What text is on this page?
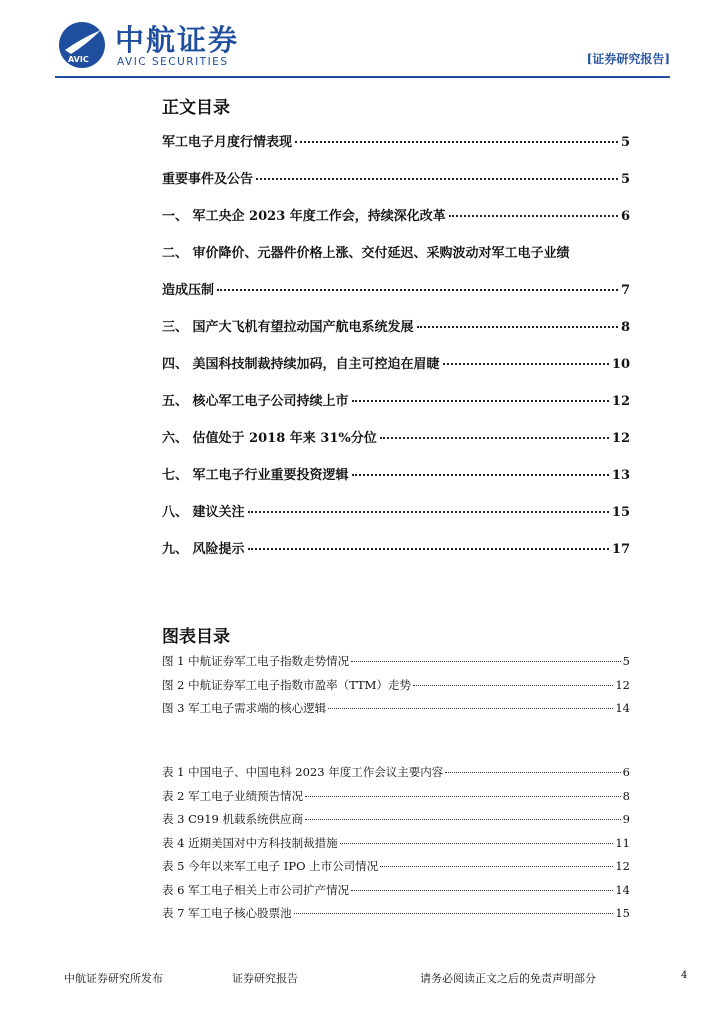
AVIC
中航证券
AVIC SECURITIES	[证券研究报告]
正文目录
军工电子月度行情表现	5
重要事件及公告	5
一、 军工央企 2023 年度工作会，持续深化改革	6
二、 审价降价、元器件价格上涨、交付延迟、采购波动对军工电子业绩
造成压制	7
三、 国产大飞机有望拉动国产航电系统发展	8
四、 美国科技制裁持续加码，自主可控迫在眉睫	10
五、 核心军工电子公司持续上市	12
六、 估值处于 2018 年来 31%分位	12
七、 军工电子行业重要投资逻辑	13
八、 建议关注	15
九、 风险提示	17
图表目录
图 1 中航证券军工电子指数走势情况	5
图 2 中航证券军工电子指数市盈率（TTM）走势	12
图 3 军工电子需求端的核心逻辑	14
表 1 中国电子、中国电科 2023 年度工作会议主要内容	6
表 2 军工电子业绩预告情况	8
表 3 C919 机载系统供应商	9
表 4 近期美国对中方科技制裁措施	11
表 5 今年以来军工电子 IPO 上市公司情况	12
表 6 军工电子相关上市公司扩产情况	14
表 7 军工电子核心股票池	15
中航证券研究所发布	证券研究报告	请务必阅读正文之后的免责声明部分	4
